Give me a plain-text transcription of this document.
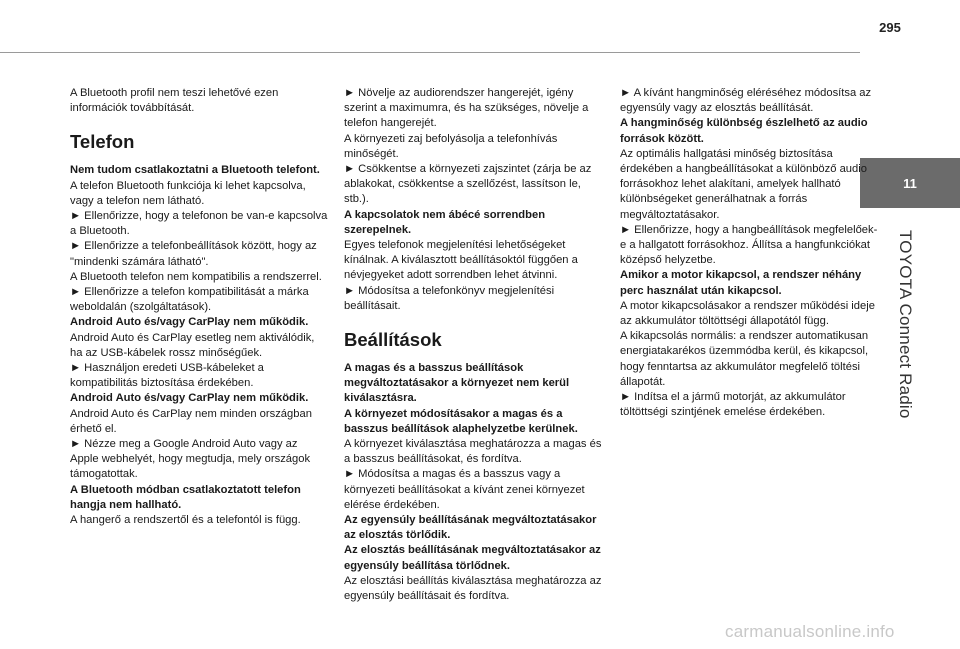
295
11
TOYOTA Connect Radio

A Bluetooth profil nem teszi lehetővé ezen információk továbbítását.

Telefon

Nem tudom csatlakoztatni a Bluetooth telefont.

A telefon Bluetooth funkciója ki lehet kapcsolva, vagy a telefon nem látható.

► Ellenőrizze, hogy a telefonon be van-e kapcsolva a Bluetooth.

► Ellenőrizze a telefonbeállítások között, hogy az "mindenki számára látható".

A Bluetooth telefon nem kompatibilis a rendszerrel.

► Ellenőrizze a telefon kompatibilitását a márka weboldalán (szolgáltatások).

Android Auto és/vagy CarPlay nem működik.

Android Auto és CarPlay esetleg nem aktiválódik, ha az USB-kábelek rossz minőségűek.

► Használjon eredeti USB-kábeleket a kompatibilitás biztosítása érdekében.

Android Auto és/vagy CarPlay nem működik.

Android Auto és CarPlay nem minden országban érhető el.

► Nézze meg a Google Android Auto vagy az Apple webhelyét, hogy megtudja, mely országok támogatottak.

A Bluetooth módban csatlakoztatott telefon hangja nem hallható.

A hangerő a rendszertől és a telefontól is függ.

► Növelje az audiorendszer hangerejét, igény szerint a maximumra, és ha szükséges, növelje a telefon hangerejét.

A környezeti zaj befolyásolja a telefonhívás minőségét.

► Csökkentse a környezeti zajszintet (zárja be az ablakokat, csökkentse a szellőzést, lassítson le, stb.).

A kapcsolatok nem ábécé sorrendben szerepelnek.

Egyes telefonok megjelenítési lehetőségeket kínálnak. A kiválasztott beállításoktól függően a névjegyeket adott sorrendben lehet átvinni.

► Módosítsa a telefonkönyv megjelenítési beállításait.

Beállítások

A magas és a basszus beállítások megváltoztatásakor a környezet nem kerül kiválasztásra.

A környezet módosításakor a magas és a basszus beállítások alaphelyzetbe kerülnek.

A környezet kiválasztása meghatározza a magas és a basszus beállításokat, és fordítva.

► Módosítsa a magas és a basszus vagy a környezeti beállításokat a kívánt zenei környezet elérése érdekében.

Az egyensúly beállításának megváltoztatásakor az elosztás törlődik.

Az elosztás beállításának megváltoztatásakor az egyensúly beállítása törlődnek.

Az elosztási beállítás kiválasztása meghatározza az egyensúly beállításait és fordítva.

► A kívánt hangminőség eléréséhez módosítsa az egyensúly vagy az elosztás beállítását.

A hangminőség különbség észlelhető az audio források között.

Az optimális hallgatási minőség biztosítása érdekében a hangbeállításokat a különböző audio forrásokhoz lehet alakítani, amelyek hallható különbségeket generálhatnak a forrás megváltoztatásakor.

► Ellenőrizze, hogy a hangbeállítások megfelelőek-e a hallgatott forrásokhoz. Állítsa a hangfunkciókat középső helyzetbe.

Amikor a motor kikapcsol, a rendszer néhány perc használat után kikapcsol.

A motor kikapcsolásakor a rendszer működési ideje az akkumulátor töltöttségi állapotától függ.

A kikapcsolás normális: a rendszer automatikusan energiatakarékos üzemmódba kerül, és kikapcsol, hogy fenntartsa az akkumulátor megfelelő töltési állapotát.

► Indítsa el a jármű motorját, az akkumulátor töltöttségi szintjének emelése érdekében.

carmanualsonline.info
